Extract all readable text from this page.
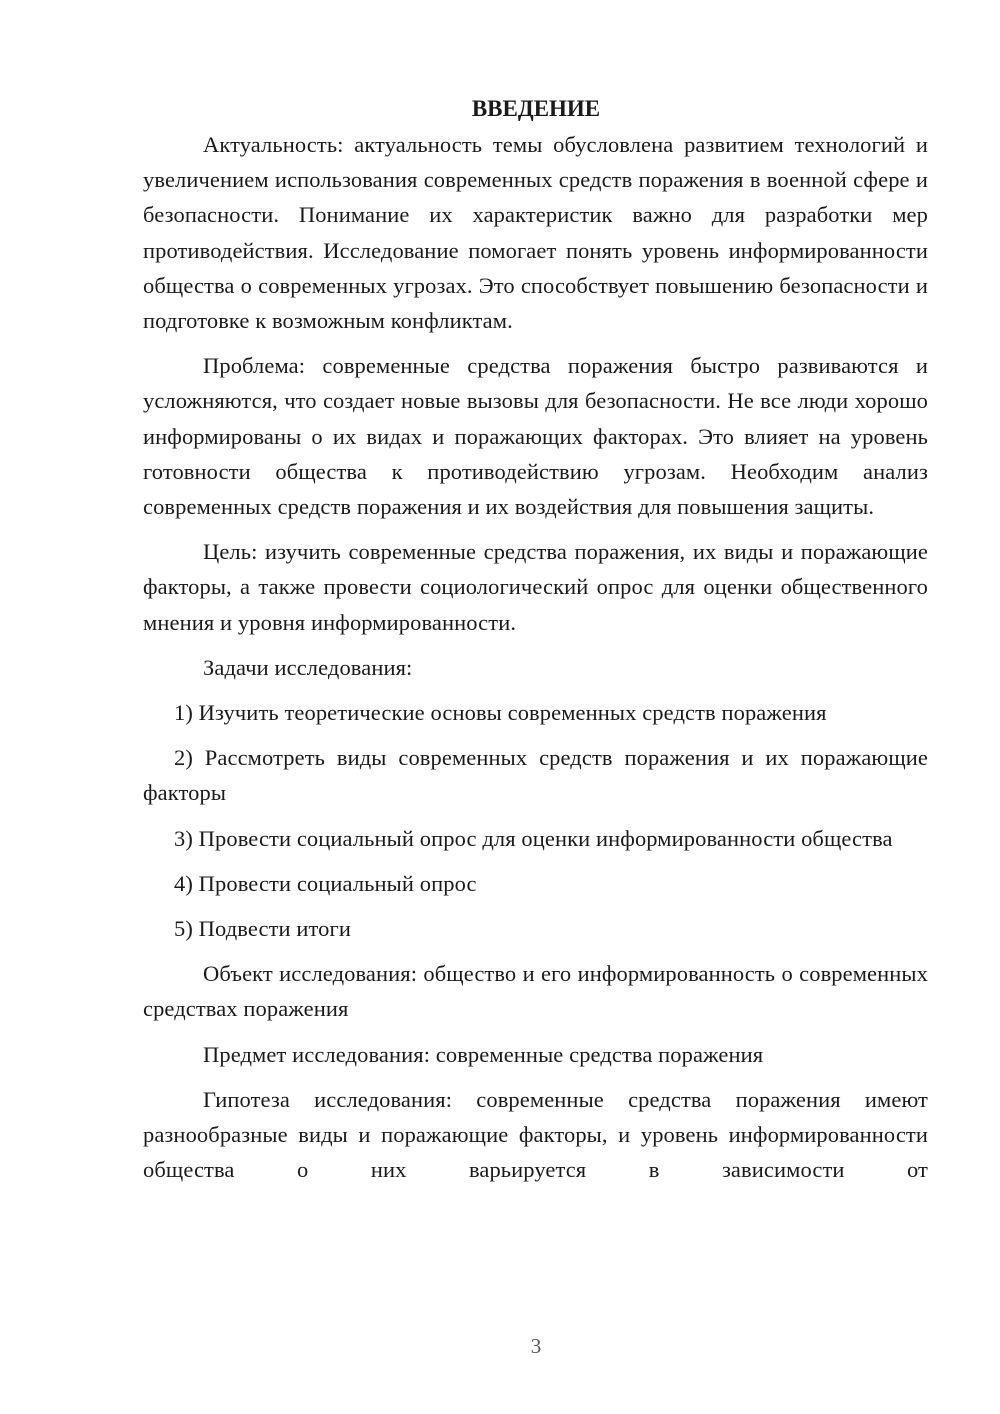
ВВЕДЕНИЕ

Актуальность: актуальность темы обусловлена развитием технологий и увеличением использования современных средств поражения в военной сфере и безопасности. Понимание их характеристик важно для разработки мер противодействия. Исследование помогает понять уровень информированности общества о современных угрозах. Это способствует повышению безопасности и подготовке к возможным конфликтам.

Проблема: современные средства поражения быстро развиваются и усложняются, что создает новые вызовы для безопасности. Не все люди хорошо информированы о их видах и поражающих факторах. Это влияет на уровень готовности общества к противодействию угрозам. Необходим анализ современных средств поражения и их воздействия для повышения защиты.

Цель: изучить современные средства поражения, их виды и поражающие факторы, а также провести социологический опрос для оценки общественного мнения и уровня информированности.

Задачи исследования:

1) Изучить теоретические основы современных средств поражения

2) Рассмотреть виды современных средств поражения и их поражающие факторы

3) Провести социальный опрос для оценки информированности общества

4) Провести социальный опрос

5) Подвести итоги

Объект исследования: общество и его информированность о современных средствах поражения

Предмет исследования: современные средства поражения

Гипотеза исследования: современные средства поражения имеют разнообразные виды и поражающие факторы, и уровень информированности общества о них варьируется в зависимости от

3
